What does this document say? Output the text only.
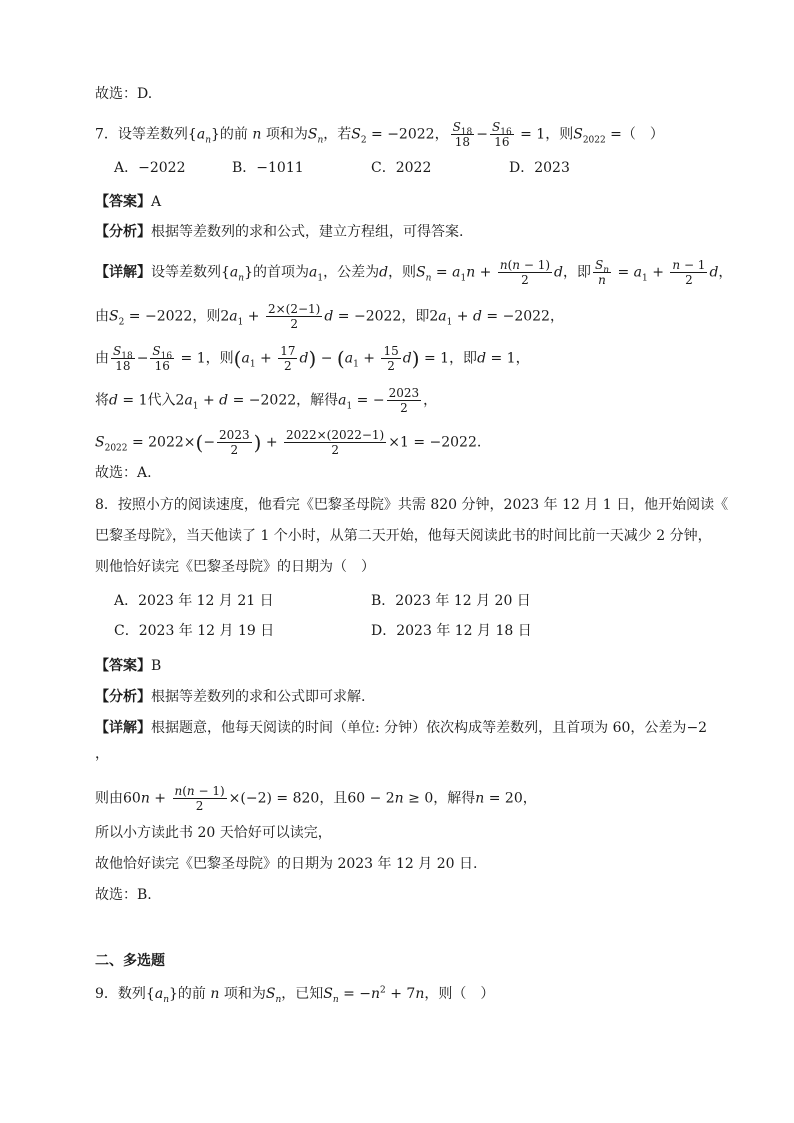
故选：D.
7．设等差数列$\{a_n\}$的前 n 项和为$S_n$，若$S_2 = -2022$， $\frac{S_{18}}{18} - \frac{S_{16}}{16} = 1$，则$S_{2022}$ =（　）
A．−2022	B．−1011	C．2022	D．2023
【答案】A
【分析】根据等差数列的求和公式，建立方程组，可得答案.
【详解】设等差数列$\{a_n\}$的首项为$a_1$，公差为d，则$S_n = a_1n + \frac{n(n - 1)}{2}$ d，即 $\frac{S_n}{n} = a_1 + \frac{n - 1}{2}$ d，
由$S_2 = -2022$，则$2a_1 + \frac{2\times(2-1)}{2}$ d = −2022，即$2a_1 + d = -2022$，
由 $\frac{S_{18}}{18} - \frac{S_{16}}{16} = 1$，则$(a_1 + \frac{17}{2} d) - (a_1 + \frac{15}{2} d) = 1$，即d = 1，
将d = 1代入$2a_1 + d = -2022$，解得$a_1$ = − $\frac{2023}{2}$ ，
$S_{2022} = 2022\times(- \frac{2023}{2}$ ) + $\frac{2022\times(2022-1)}{2} \times 1 = -2022$.
故选：A.
8．按照小方的阅读速度，他看完《巴黎圣母院》共需 820 分钟，2023 年 12 月 1 日，他开始阅读《
巴黎圣母院》，当天他读了 1 个小时，从第二天开始，他每天阅读此书的时间比前一天减少 2 分钟，
则他恰好读完《巴黎圣母院》的日期为（　）
A．2023 年 12 月 21 日	B．2023 年 12 月 20 日
C．2023 年 12 月 19 日	D．2023 年 12 月 18 日
【答案】B
【分析】根据等差数列的求和公式即可求解.
【详解】根据题意，他每天阅读的时间（单位: 分钟）依次构成等差数列，且首项为 60，公差为−2
，
则由$60n + \frac{n(n - 1)}{2} \times(-2) = 820$，且60 − 2n ≥ 0，解得n = 20，
所以小方读此书 20 天恰好可以读完，
故他恰好读完《巴黎圣母院》的日期为 2023 年 12 月 20 日.
故选：B.
二、多选题
9．数列$\{a_n\}$的前 n 项和为$S_n$，已知$S_n = -n^2 + 7n$，则（　）
